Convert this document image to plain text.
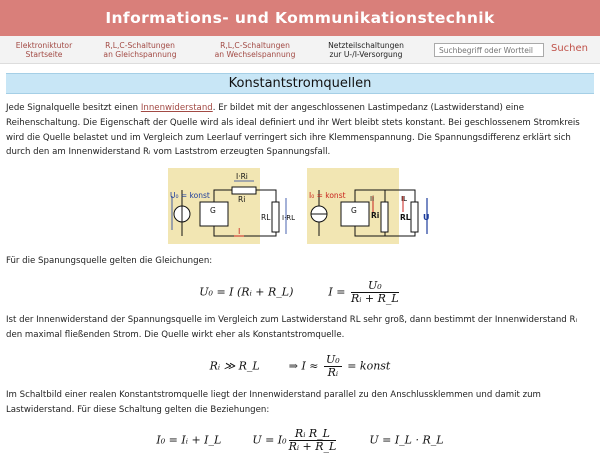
Informations- und Kommunikationstechnik
Elektroniktutor
Startseite
R,L,C-Schaltungen
an Gleichspannung
R,L,C-Schaltungen
an Wechselspannung
Netzteilschaltungen
zur U-/I-Versorgung
Suchbegriff oder Wortteil
Suchen
Konstantstromquellen
Jede Signalquelle besitzt einen Innenwiderstand. Er bildet mit der angeschlossenen Lastimpedanz (Lastwiderstand) eine Reihenschaltung. Die Eigenschaft der Quelle wird als ideal definiert und ihr Wert bleibt stets konstant. Bei geschlossenem Stromkreis wird die Quelle belastet und im Vergleich zum Leerlauf verringert sich ihre Klemmenspannung. Die Spannungsdifferenz erklärt sich durch den am Innenwiderstand Rᵢ vom Laststrom erzeugten Spannungsfall.
U₀ = konst
I·Ri
Ri
RL I·RL
I
G
I₀ = konst	Ii
Ri
IL
RL U
G
Für die Spanungsquelle gelten die Gleichungen:
U₀ = I (Rᵢ + R_L)	$I = \frac{\text{U₀}}{\text{Rᵢ + R\_L}}$
Ist der Innenwiderstand der Spannungsquelle im Vergleich zum Lastwiderstand RL sehr groß, dann bestimmt der Innenwiderstand Rᵢ den maximal fließenden Strom. Die Quelle wirkt eher als Konstantstromquelle.
Rᵢ ≫ R_L	⇒ $I \approx \frac{\text{U₀}}{\text{Rᵢ}}$ = konst
Im Schaltbild einer realen Konstantstromquelle liegt der Innenwiderstand parallel zu den Anschlussklemmen und damit zum Lastwiderstand. Für diese Schaltung gelten die Beziehungen:
I₀ = Iᵢ + I_L	$U = I_0 \frac{\text{Rᵢ R\_L}}{\text{Rᵢ + R\_L}}$	U = I_L · R_L
